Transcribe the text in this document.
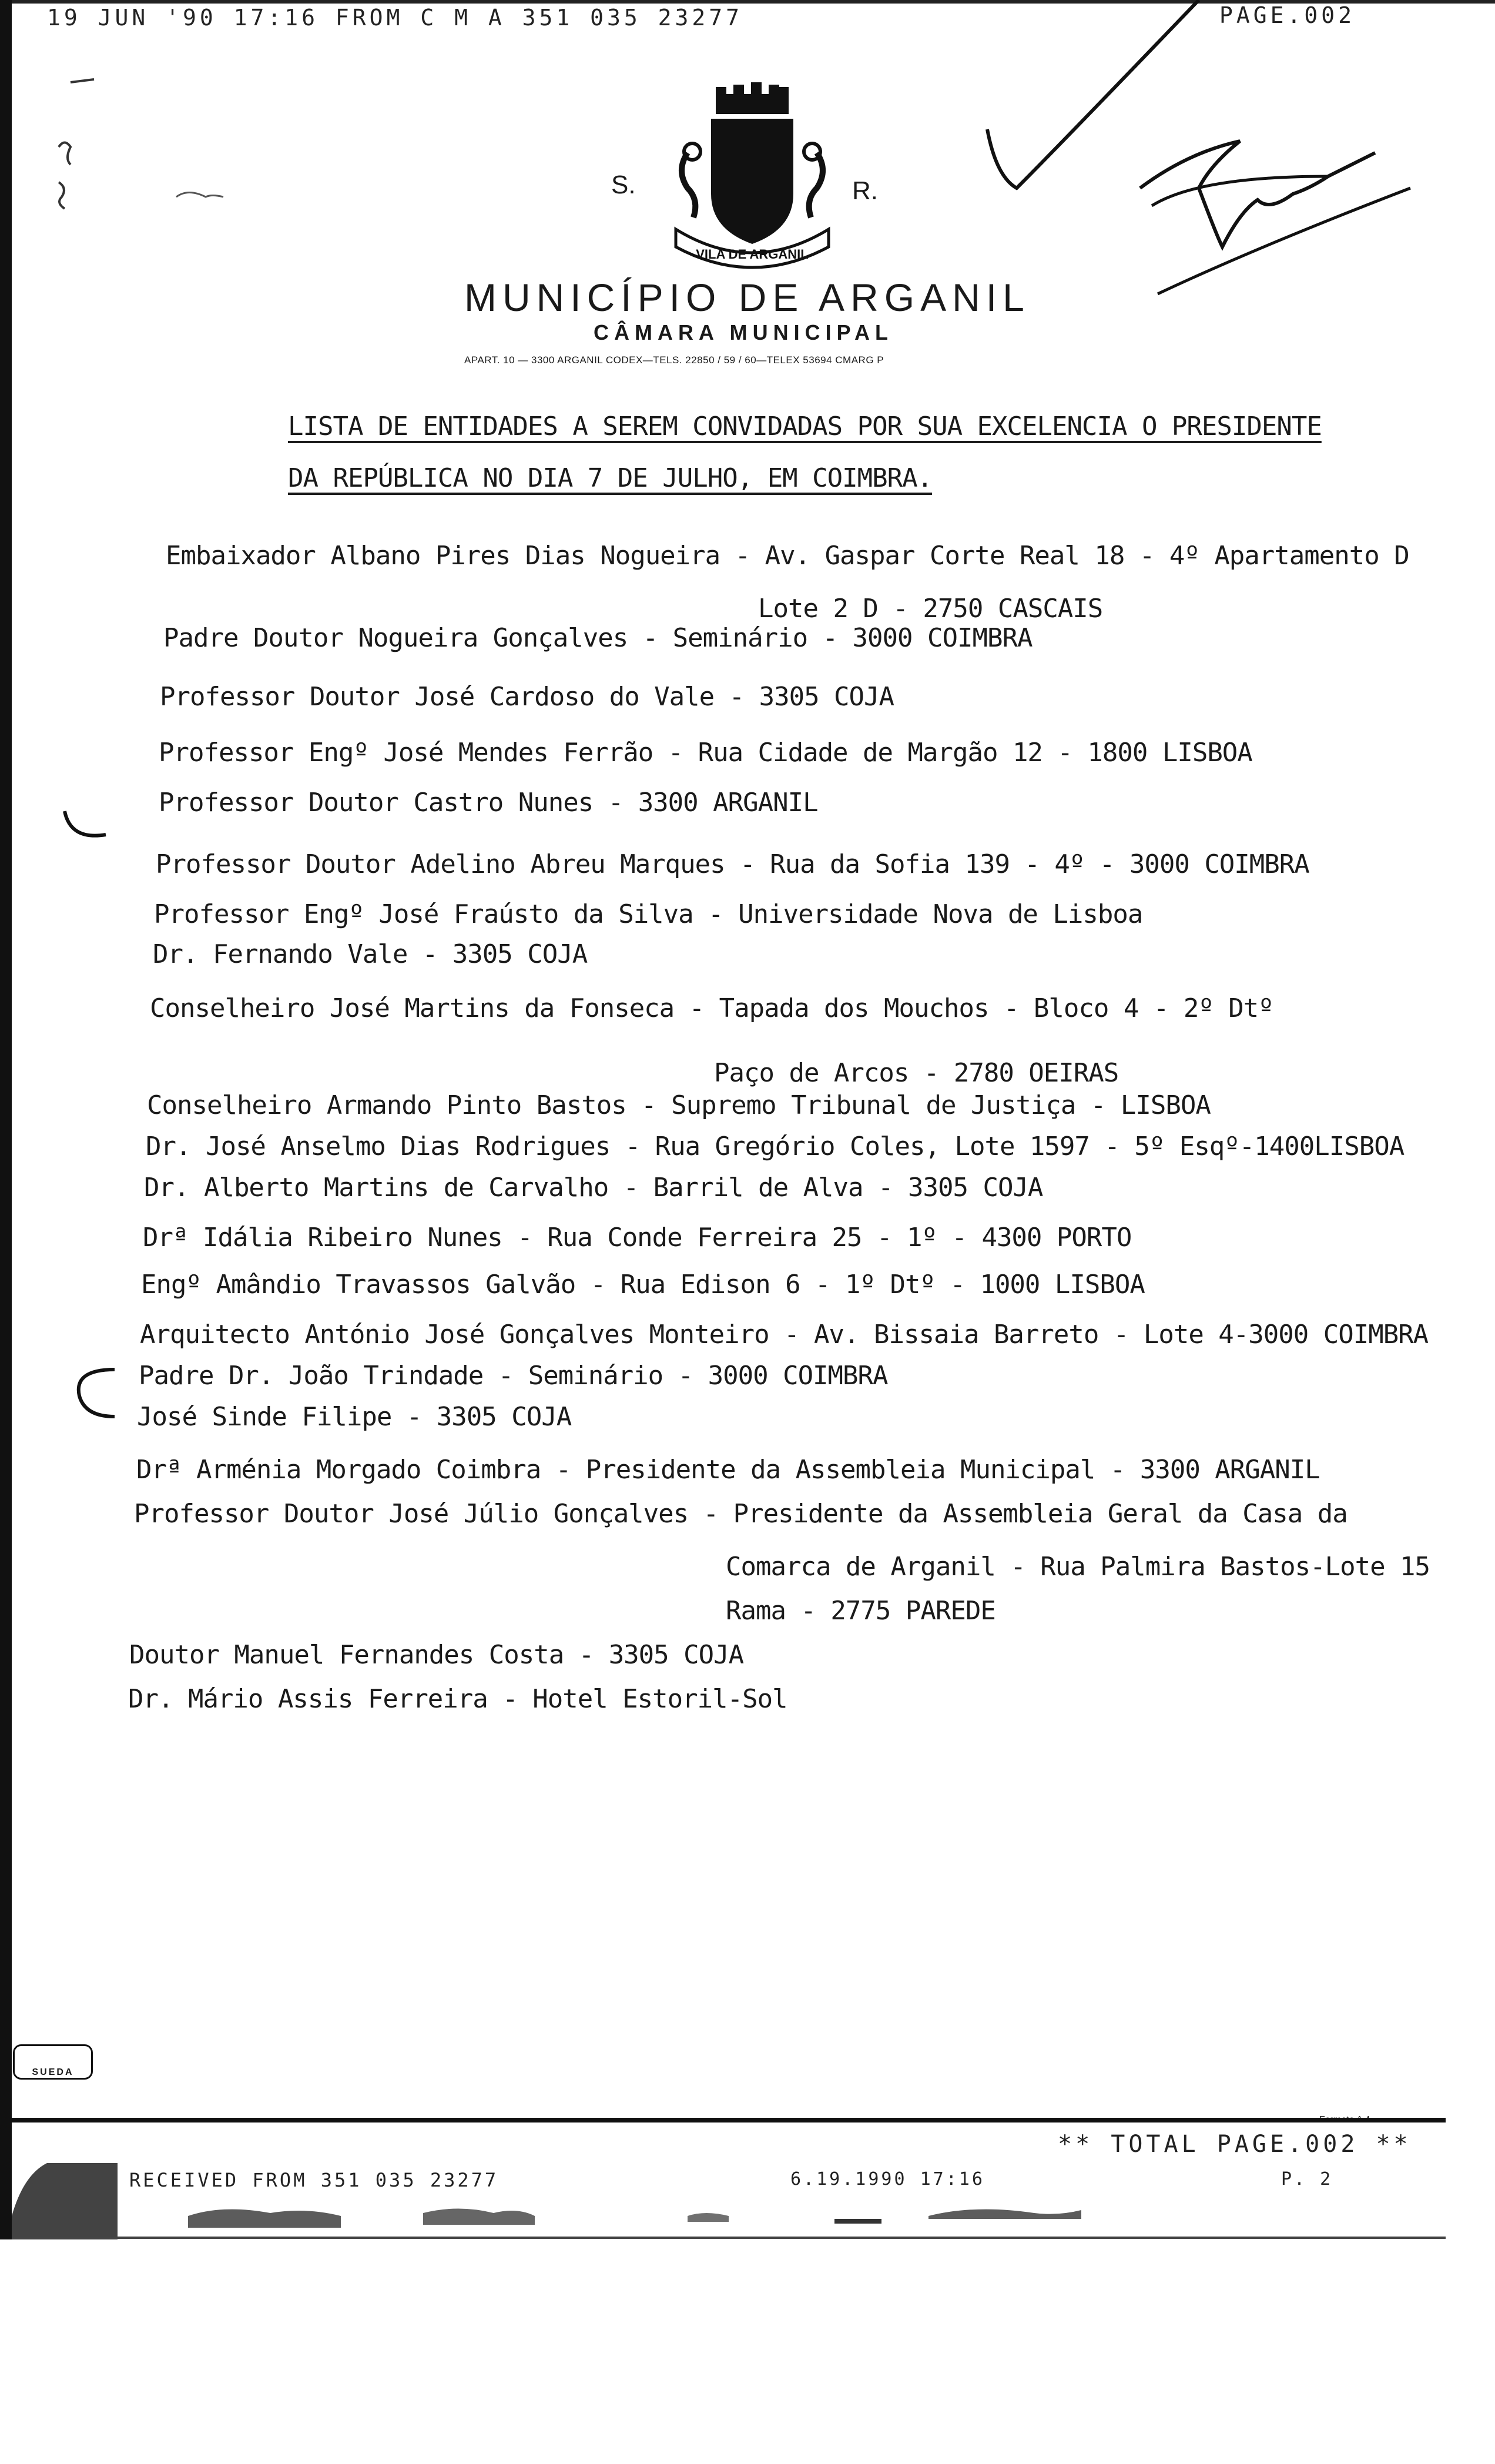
19 JUN '90 17:16 FROM C M A 351 035 23277	PAGE.002
VILA DE ARGANIL
S.	R.
MUNICÍPIO DE ARGANIL
CÂMARA MUNICIPAL
APART. 10 — 3300 ARGANIL CODEX—TELS. 22850 / 59 / 60—TELEX 53694 CMARG P
LISTA DE ENTIDADES A SEREM CONVIDADAS POR SUA EXCELENCIA O PRESIDENTE
DA REPÚBLICA NO DIA 7 DE JULHO, EM COIMBRA.
Embaixador Albano Pires Dias Nogueira - Av. Gaspar Corte Real 18 - 4º Apartamento D
Lote 2 D - 2750 CASCAIS
Padre Doutor Nogueira Gonçalves - Seminário - 3000 COIMBRA
Professor Doutor José Cardoso do Vale - 3305 COJA
Professor Engº José Mendes Ferrão - Rua Cidade de Margão 12 - 1800 LISBOA
Professor Doutor Castro Nunes - 3300 ARGANIL
Professor Doutor Adelino Abreu Marques - Rua da Sofia 139 - 4º - 3000 COIMBRA
Professor Engº José Fraústo da Silva - Universidade Nova de Lisboa
Dr. Fernando Vale - 3305 COJA
Conselheiro José Martins da Fonseca - Tapada dos Mouchos - Bloco 4 - 2º Dtº
Paço de Arcos - 2780 OEIRAS
Conselheiro Armando Pinto Bastos - Supremo Tribunal de Justiça - LISBOA
Dr. José Anselmo Dias Rodrigues - Rua Gregório Coles, Lote 1597 - 5º Esqº-1400LISBOA
Dr. Alberto Martins de Carvalho - Barril de Alva - 3305 COJA
Drª Idália Ribeiro Nunes - Rua Conde Ferreira 25 - 1º - 4300 PORTO
Engº Amândio Travassos Galvão - Rua Edison 6 - 1º Dtº - 1000 LISBOA
Arquitecto António José Gonçalves Monteiro - Av. Bissaia Barreto - Lote 4-3000 COIMBRA
Padre Dr. João Trindade - Seminário - 3000 COIMBRA
José Sinde Filipe - 3305 COJA
Drª Arménia Morgado Coimbra - Presidente da Assembleia Municipal - 3300 ARGANIL
Professor Doutor José Júlio Gonçalves - Presidente da Assembleia Geral da Casa da
Comarca de Arganil - Rua Palmira Bastos-Lote 15
Rama - 2775 PAREDE
Doutor Manuel Fernandes Costa - 3305 COJA
Dr. Mário Assis Ferreira - Hotel Estoril-Sol
SUEDA
** TOTAL PAGE.002 **
RECEIVED FROM 351 035 23277	6.19.1990 17:16	P. 2
